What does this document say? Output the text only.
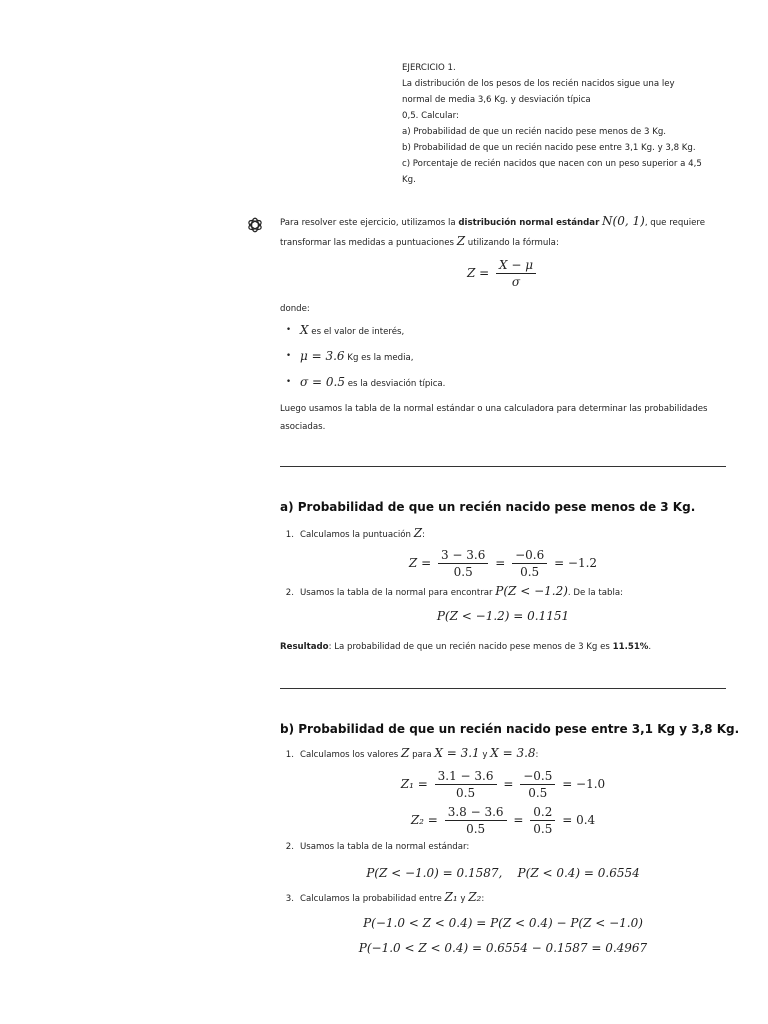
EJERCICIO 1.
La distribución de los pesos de los recién nacidos sigue una ley
normal de media 3,6 Kg. y desviación típica
0,5. Calcular:
a) Probabilidad de que un recién nacido pese menos de 3 Kg.
b) Probabilidad de que un recién nacido pese entre 3,1 Kg. y 3,8 Kg.
c) Porcentaje de recién nacidos que nacen con un peso superior a 4,5
Kg.

Para resolver este ejercicio, utilizamos la distribución normal estándar N(0, 1), que requiere
transformar las medidas a puntuaciones Z utilizando la fórmula:

$Z = \frac{X - \mu}{\sigma}$

donde:

• X es el valor de interés,
• μ = 3.6 Kg es la media,
• σ = 0.5 es la desviación típica.

Luego usamos la tabla de la normal estándar o una calculadora para determinar las probabilidades
asociadas.

a) Probabilidad de que un recién nacido pese menos de 3 Kg.
1. Calculamos la puntuación Z:
$Z = \frac{3 - 3.6}{0.5} = \frac{-0.6}{0.5} = -1.2$
2. Usamos la tabla de la normal para encontrar P(Z < −1.2). De la tabla:
P(Z < −1.2) = 0.1151
Resultado: La probabilidad de que un recién nacido pese menos de 3 Kg es 11.51%.
b) Probabilidad de que un recién nacido pese entre 3,1 Kg y 3,8 Kg.
1. Calculamos los valores Z para X = 3.1 y X = 3.8:
$Z_1 = \frac{3.1 - 3.6}{0.5} = \frac{-0.5}{0.5} = -1.0$
$Z_2 = \frac{3.8 - 3.6}{0.5} = \frac{0.2}{0.5} = 0.4$
2. Usamos la tabla de la normal estándar:
P(Z < −1.0) = 0.1587,    P(Z < 0.4) = 0.6554
3. Calculamos la probabilidad entre Z₁ y Z₂:
P(−1.0 < Z < 0.4) = P(Z < 0.4) − P(Z < −1.0)
P(−1.0 < Z < 0.4) = 0.6554 − 0.1587 = 0.4967
